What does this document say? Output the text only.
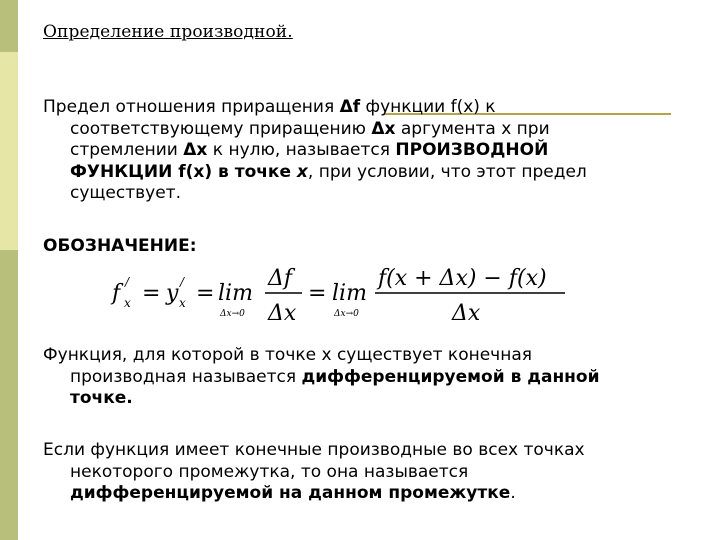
Определение производной.
Предел отношения приращения Δf функции f(x) к
соответствующему приращению Δx аргумента x при
стремлении Δx к нулю, называется ПРОИЗВОДНОЙ
ФУНКЦИИ f(x) в точке x, при условии, что этот предел
существует.
ОБОЗНАЧЕНИЕ:
f /
x = y /
x = lim
Δx→0
Δf
Δx
= lim
Δx→0
f(x + Δx) − f(x)
Δx
Функция, для которой в точке x существует конечная
производная называется дифференцируемой в данной
точке.
Если функция имеет конечные производные во всех точках
некоторого промежутка, то она называется
дифференцируемой на данном промежутке.
